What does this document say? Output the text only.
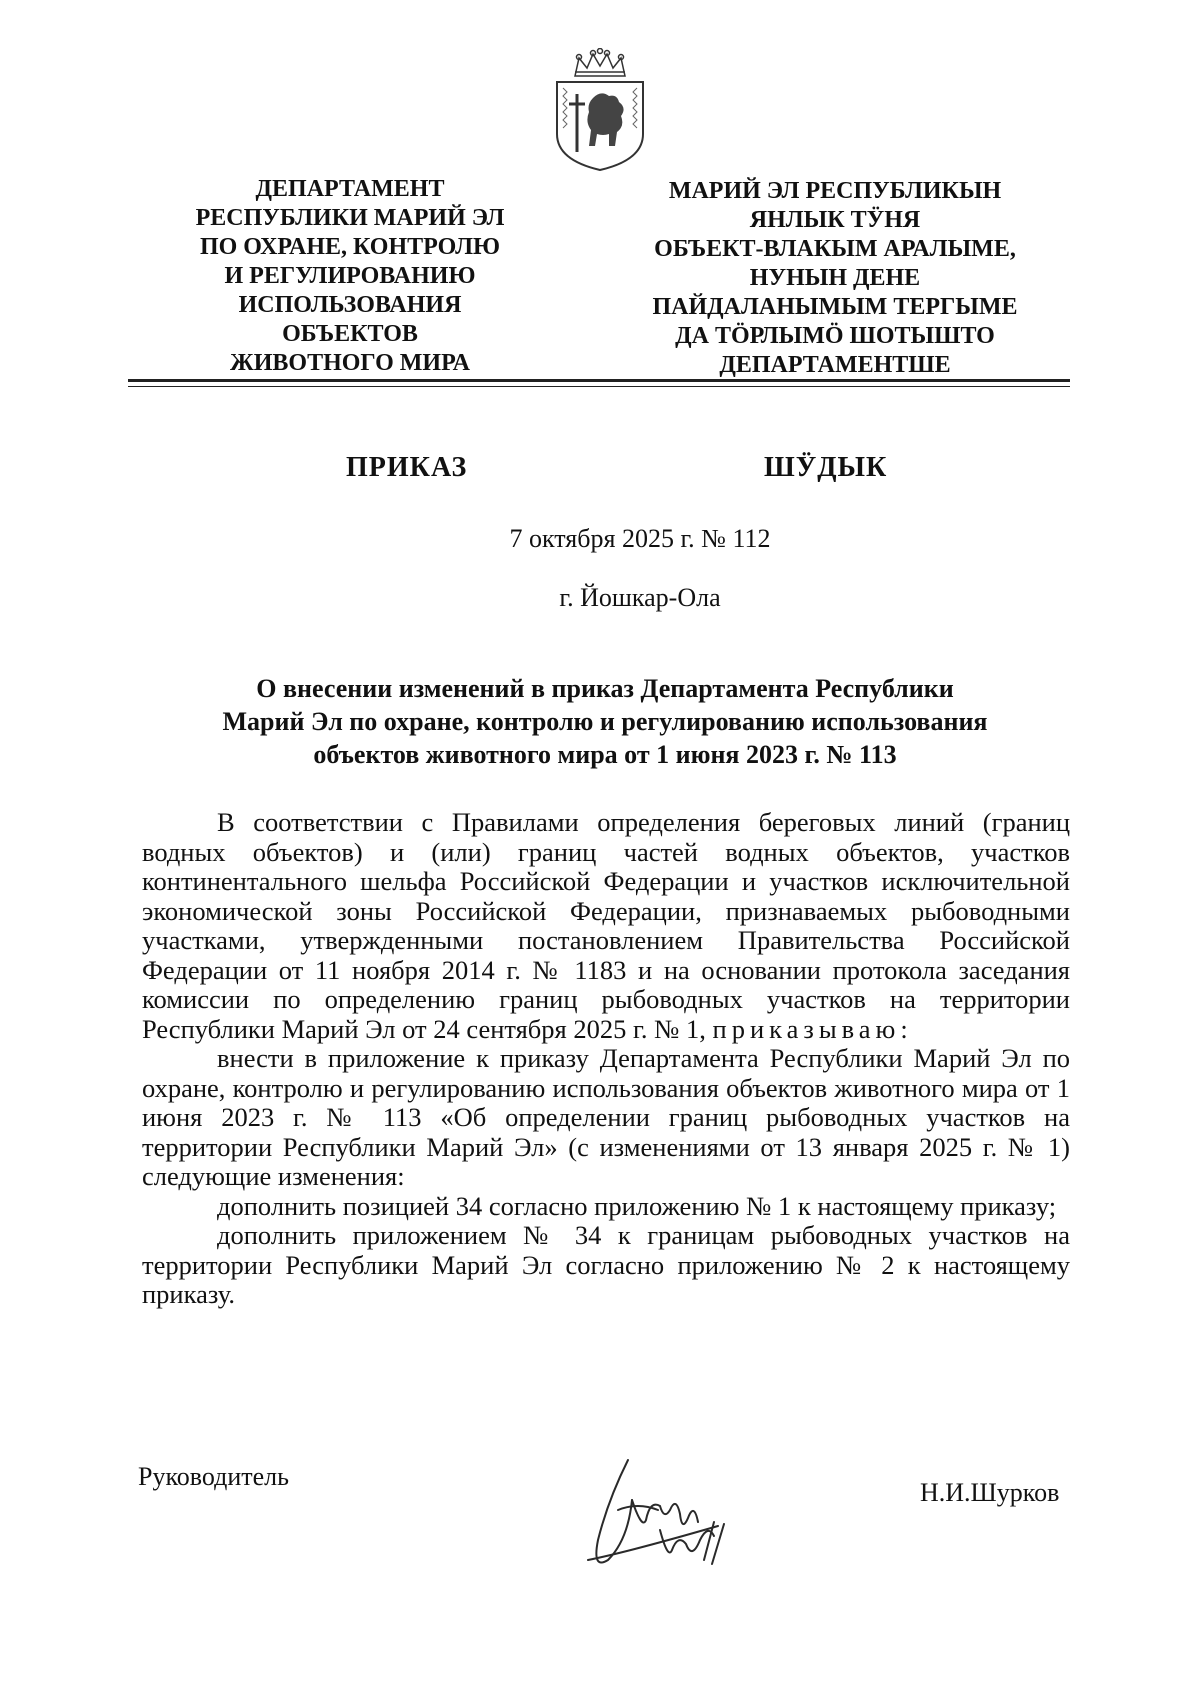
ДЕПАРТАМЕНТ
РЕСПУБЛИКИ МАРИЙ ЭЛ
ПО ОХРАНЕ, КОНТРОЛЮ
И РЕГУЛИРОВАНИЮ
ИСПОЛЬЗОВАНИЯ
ОБЪЕКТОВ
ЖИВОТНОГО МИРА
МАРИЙ ЭЛ РЕСПУБЛИКЫН
ЯНЛЫК ТӰНЯ
ОБЪЕКТ-ВЛАКЫМ АРАЛЫМЕ,
НУНЫН ДЕНЕ
ПАЙДАЛАНЫМЫМ ТЕРГЫМЕ
ДА ТӦРЛЫМӦ ШОТЫШТО
ДЕПАРТАМЕНТШЕ
ПРИКАЗ	ШӰДЫК
7 октября 2025 г. № 112
г. Йошкар-Ола
О внесении изменений в приказ Департамента Республики
Марий Эл по охране, контролю и регулированию использования
объектов животного мира от 1 июня 2023 г. № 113

В соответствии с Правилами определения береговых линий (границ водных объектов) и (или) границ частей водных объектов, участков континентального шельфа Российской Федерации и участков исключительной экономической зоны Российской Федерации, признаваемых рыбоводными участками, утвержденными постановлением Правительства Российской Федерации от 11 ноября 2014 г. № 1183 и на основании протокола заседания комиссии по определению границ рыбоводных участков на территории Республики Марий Эл от 24 сентября 2025 г. № 1, приказываю:

внести в приложение к приказу Департамента Республики Марий Эл по охране, контролю и регулированию использования объектов животного мира от 1 июня 2023 г. № 113 «Об определении границ рыбоводных участков на территории Республики Марий Эл» (с изменениями от 13 января 2025 г. № 1) следующие изменения:

дополнить позицией 34 согласно приложению № 1 к настоящему приказу;

дополнить приложением № 34 к границам рыбоводных участков на территории Республики Марий Эл согласно приложению № 2 к настоящему приказу.

Руководитель
Н.И.Шурков
